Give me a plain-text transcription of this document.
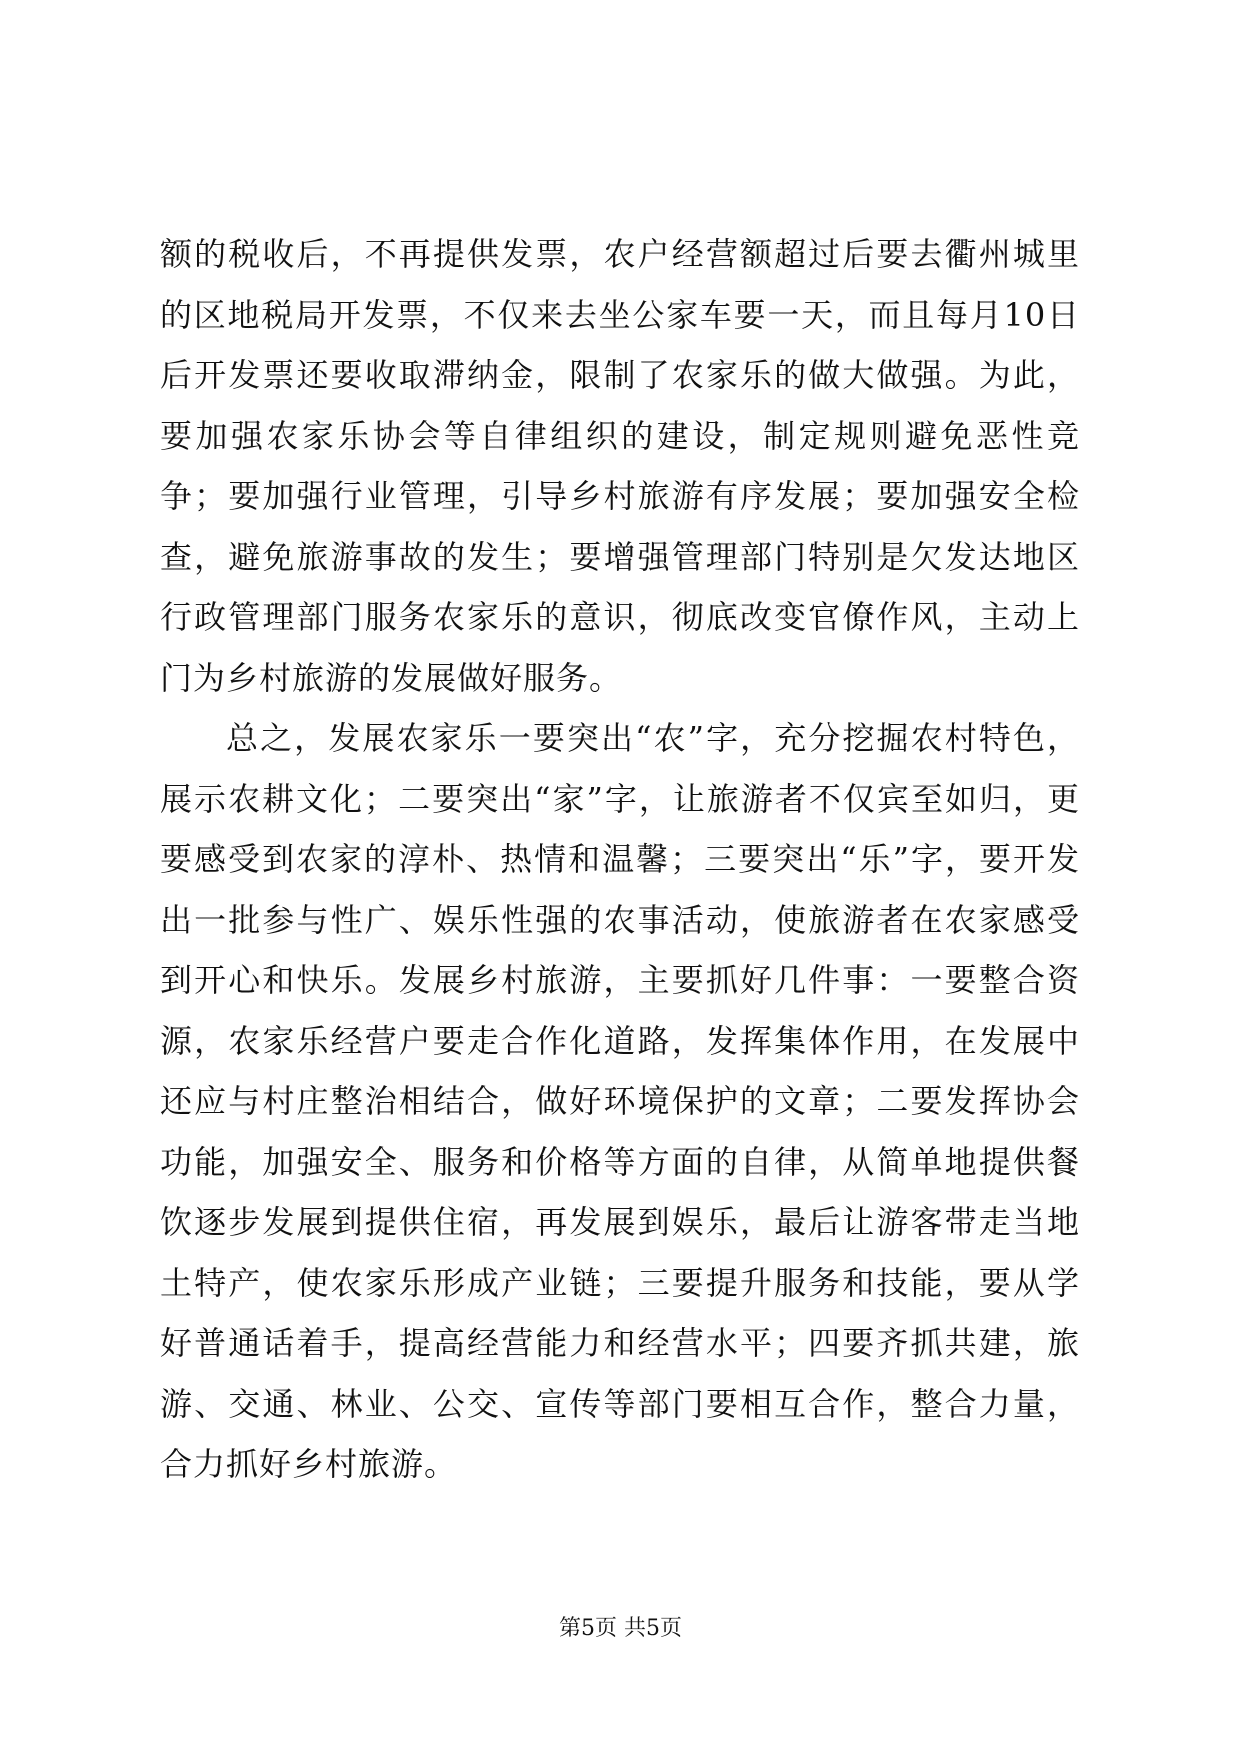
额的税收后，不再提供发票，农户经营额超过后要去衢州城里的区地税局开发票，不仅来去坐公家车要一天，而且每月10日后开发票还要收取滞纳金，限制了农家乐的做大做强。为此，要加强农家乐协会等自律组织的建设，制定规则避免恶性竞争；要加强行业管理，引导乡村旅游有序发展；要加强安全检查，避免旅游事故的发生；要增强管理部门特别是欠发达地区行政管理部门服务农家乐的意识，彻底改变官僚作风，主动上门为乡村旅游的发展做好服务。

总之，发展农家乐一要突出“农”字，充分挖掘农村特色，展示农耕文化；二要突出“家”字，让旅游者不仅宾至如归，更要感受到农家的淳朴、热情和温馨；三要突出“乐”字，要开发出一批参与性广、娱乐性强的农事活动，使旅游者在农家感受到开心和快乐。发展乡村旅游，主要抓好几件事：一要整合资源，农家乐经营户要走合作化道路，发挥集体作用，在发展中还应与村庄整治相结合，做好环境保护的文章；二要发挥协会功能，加强安全、服务和价格等方面的自律，从简单地提供餐饮逐步发展到提供住宿，再发展到娱乐，最后让游客带走当地土特产，使农家乐形成产业链；三要提升服务和技能，要从学好普通话着手，提高经营能力和经营水平；四要齐抓共建，旅游、交通、林业、公交、宣传等部门要相互合作，整合力量，合力抓好乡村旅游。

第5页 共5页
